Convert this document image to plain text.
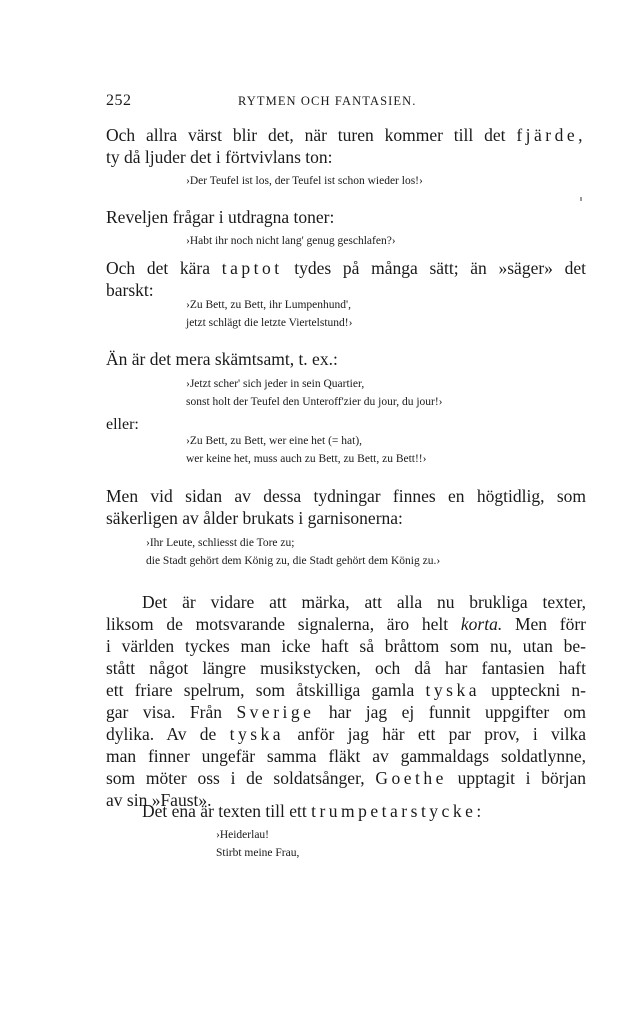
252	RYTMEN OCH FANTASIEN.

Och allra värst blir det, när turen kommer till det fjärde,
ty då ljuder det i förtvivlans ton:

›Der Teufel ist los, der Teufel ist schon wieder los!›

Reveljen frågar i utdragna toner:

›Habt ihr noch nicht lang' genug geschlafen?›

Och det kära taptot tydes på många sätt; än »säger» det
barskt:

›Zu Bett, zu Bett, ihr Lumpenhund',
jetzt schlägt die letzte Viertelstund!›

Än är det mera skämtsamt, t. ex.:

›Jetzt scher' sich jeder in sein Quartier,
sonst holt der Teufel den Unteroff'zier du jour, du jour!›

eller:

›Zu Bett, zu Bett, wer eine het (= hat),
wer keine het, muss auch zu Bett, zu Bett, zu Bett!!›

Men vid sidan av dessa tydningar finnes en högtidlig, som
säkerligen av ålder brukats i garnisonerna:

›Ihr Leute, schliesst die Tore zu;
die Stadt gehört dem König zu, die Stadt gehört dem König zu.›

Det är vidare att märka, att alla nu brukliga texter,
liksom de motsvarande signalerna, äro helt korta. Men förr
i världen tyckes man icke haft så bråttom som nu, utan be-
stått något längre musikstycken, och då har fantasien haft
ett friare spelrum, som åtskilliga gamla tyska uppteckni n-
gar visa. Från Sverige har jag ej funnit uppgifter om
dylika. Av de tyska anför jag här ett par prov, i vilka
man finner ungefär samma fläkt av gammaldags soldatlynne,
som möter oss i de soldatsånger, Goethe upptagit i början
av sin »Faust».

Det ena är texten till ett trumpetarstycke:

›Heiderlau!
Stirbt meine Frau,
